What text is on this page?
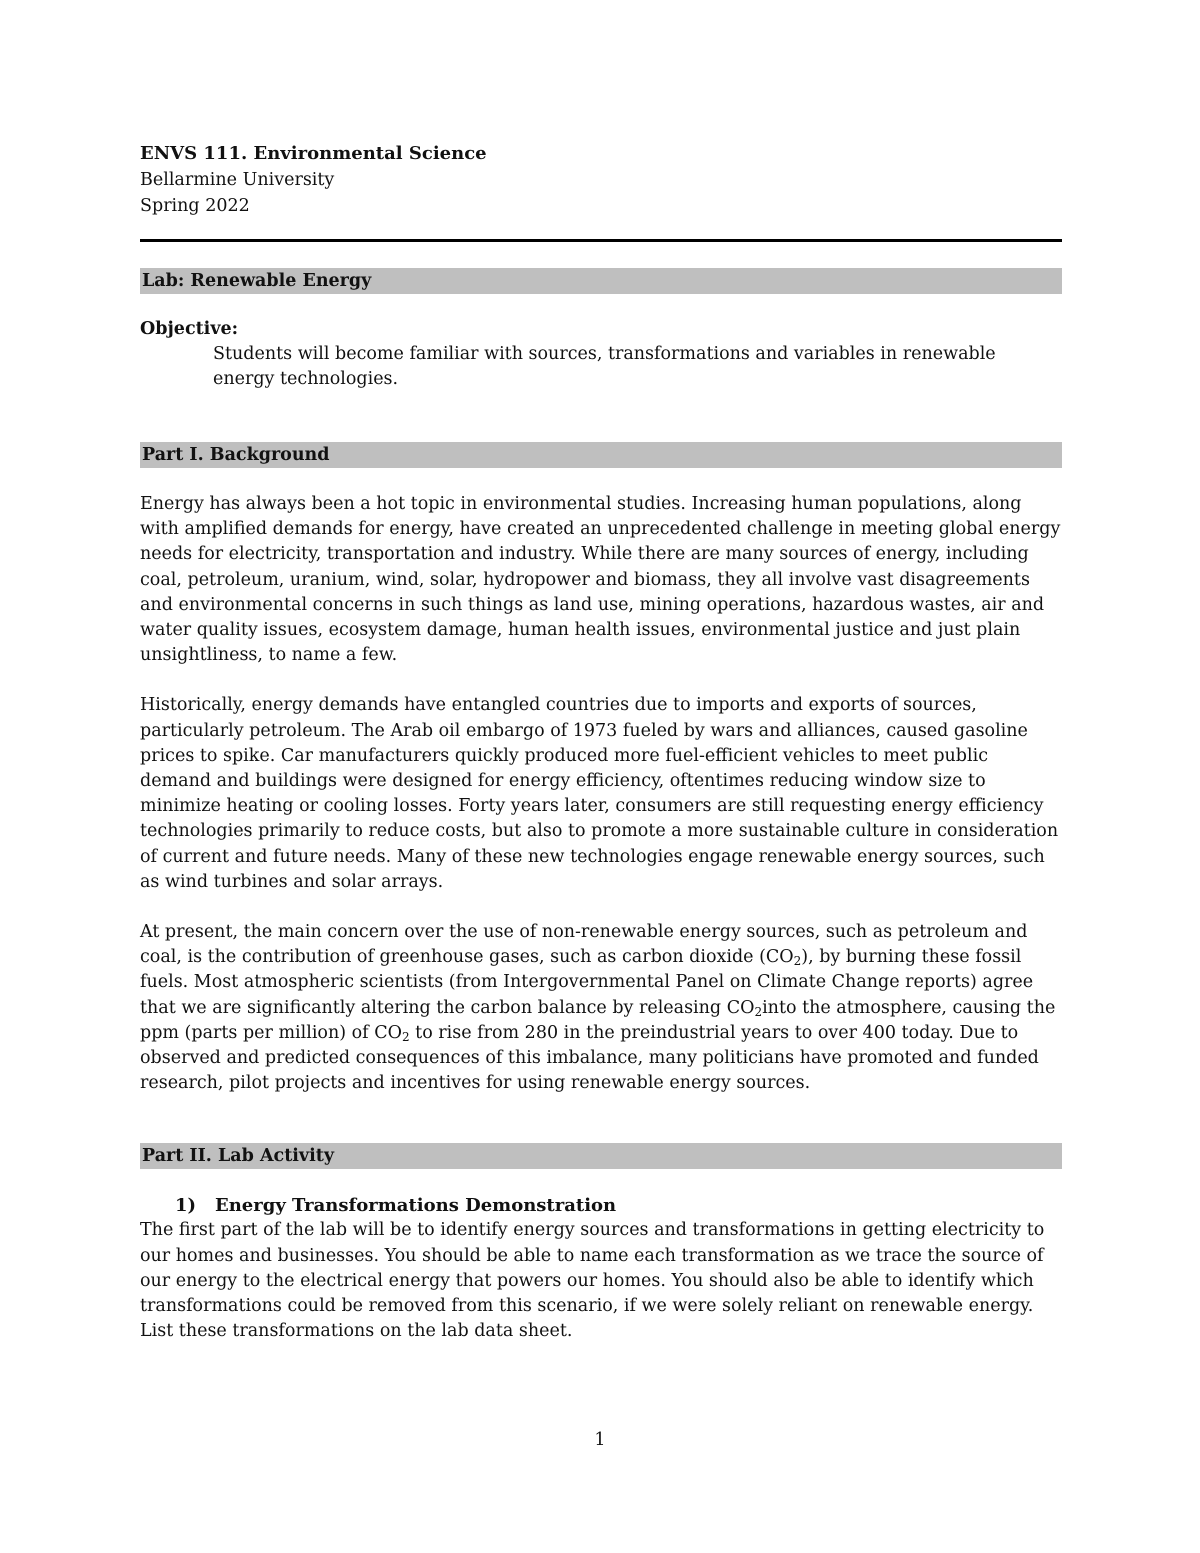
ENVS 111. Environmental Science

Bellarmine University

Spring 2022

Lab: Renewable Energy

Objective:

Students will become familiar with sources, transformations and variables in renewable energy technologies.

Part I. Background

Energy has always been a hot topic in environmental studies. Increasing human populations, along with amplified demands for energy, have created an unprecedented challenge in meeting global energy needs for electricity, transportation and industry. While there are many sources of energy, including coal, petroleum, uranium, wind, solar, hydropower and biomass, they all involve vast disagreements and environmental concerns in such things as land use, mining operations, hazardous wastes, air and water quality issues, ecosystem damage, human health issues, environmental justice and just plain unsightliness, to name a few.

Historically, energy demands have entangled countries due to imports and exports of sources, particularly petroleum. The Arab oil embargo of 1973 fueled by wars and alliances, caused gasoline prices to spike. Car manufacturers quickly produced more fuel-efficient vehicles to meet public demand and buildings were designed for energy efficiency, oftentimes reducing window size to minimize heating or cooling losses. Forty years later, consumers are still requesting energy efficiency technologies primarily to reduce costs, but also to promote a more sustainable culture in consideration of current and future needs. Many of these new technologies engage renewable energy sources, such as wind turbines and solar arrays.

At present, the main concern over the use of non-renewable energy sources, such as petroleum and coal, is the contribution of greenhouse gases, such as carbon dioxide $(CO_2)$, by burning these fossil fuels. Most atmospheric scientists (from Intergovernmental Panel on Climate Change reports) agree that we are significantly altering the carbon balance by releasing $CO_2into$ the atmosphere, causing the ppm (parts per million) of $CO_2$ to rise from 280 in the preindustrial years to over 400 today. Due to observed and predicted consequences of this imbalance, many politicians have promoted and funded research, pilot projects and incentives for using renewable energy sources.

Part II. Lab Activity

1) Energy Transformations Demonstration

The first part of the lab will be to identify energy sources and transformations in getting electricity to our homes and businesses. You should be able to name each transformation as we trace the source of our energy to the electrical energy that powers our homes. You should also be able to identify which transformations could be removed from this scenario, if we were solely reliant on renewable energy. List these transformations on the lab data sheet.

1
